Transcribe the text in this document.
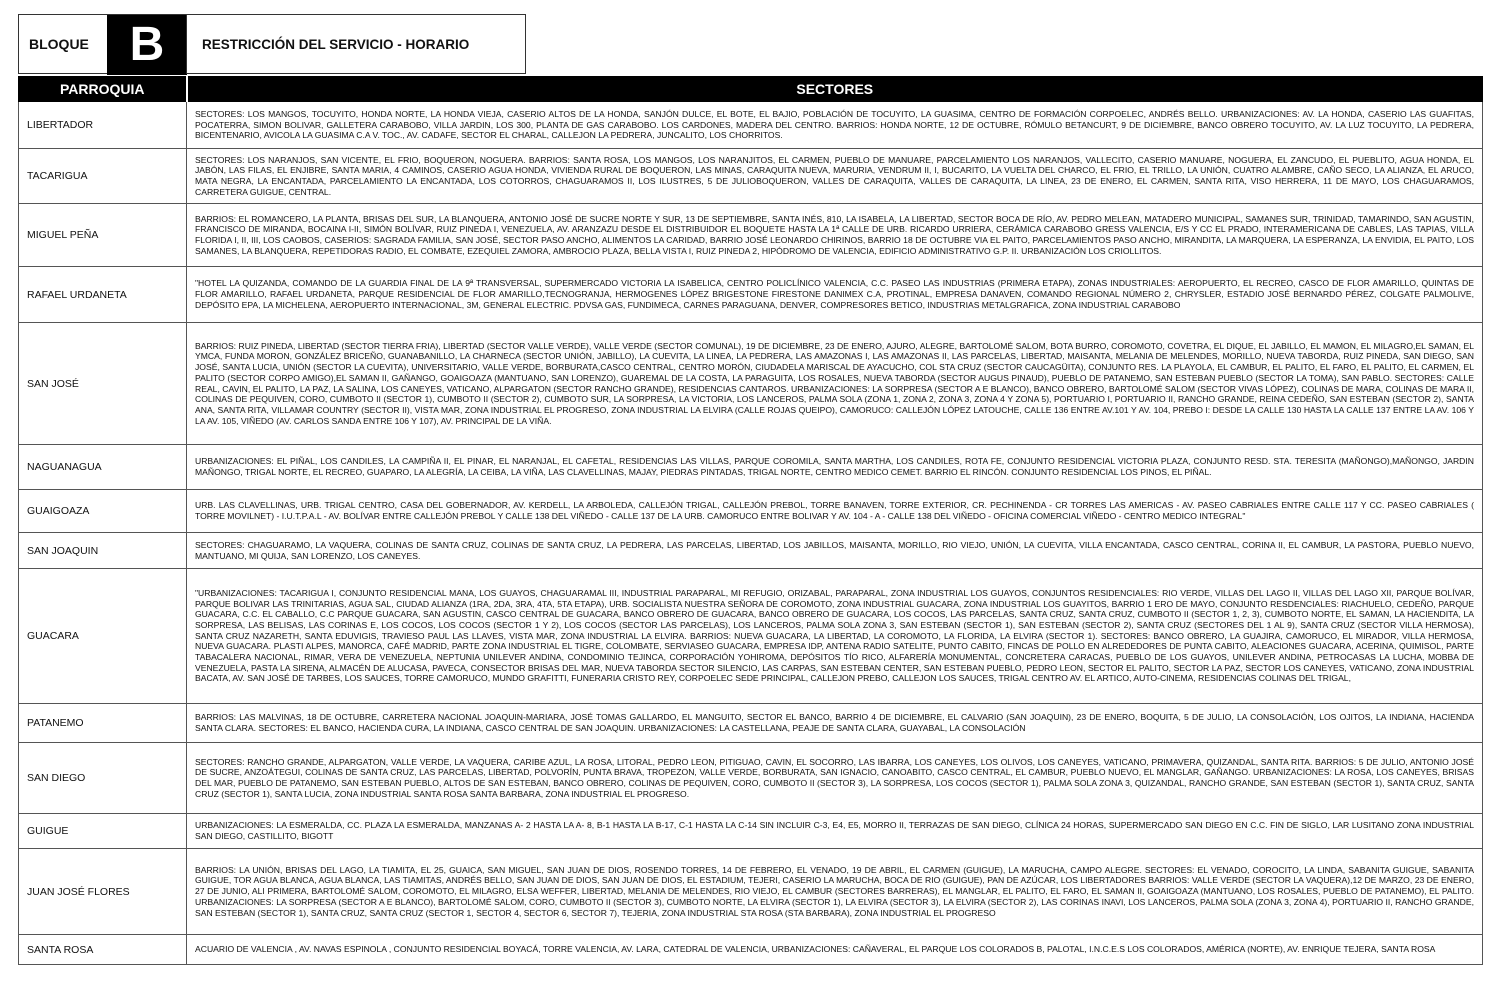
BLOQUE B	RESTRICCIÓN DEL SERVICIO - HORARIO
PARROQUIA	SECTORES
LIBERTADOR	SECTORES: LOS MANGOS, TOCUYITO, HONDA NORTE, LA HONDA VIEJA, CASERIO ALTOS DE LA HONDA, SANJÓN DULCE, EL BOTE, EL BAJIO, POBLACIÓN DE TOCUYITO, LA GUASIMA, CENTRO DE FORMACIÓN CORPOELEC, ANDRÉS BELLO. URBANIZACIONES: AV. LA HONDA, CASERIO LAS GUAFITAS, POCATERRA, SIMON BOLIVAR, GALLETERA CARABOBO, VILLA JARDIN, LOS 300, PLANTA DE GAS CARABOBO. LOS CARDONES, MADERA DEL CENTRO. BARRIOS: HONDA NORTE, 12 DE OCTUBRE, RÓMULO BETANCURT, 9 DE DICIEMBRE, BANCO OBRERO TOCUYITO, AV. LA LUZ TOCUYITO, LA PEDRERA, BICENTENARIO, AVICOLA LA GUASIMA C.A V. TOC., AV. CADAFE, SECTOR EL CHARAL, CALLEJON LA PEDRERA, JUNCALITO, LOS CHORRITOS.
TACARIGUA	SECTORES: LOS NARANJOS, SAN VICENTE, EL FRIO, BOQUERON, NOGUERA. BARRIOS: SANTA ROSA, LOS MANGOS, LOS NARANJITOS, EL CARMEN, PUEBLO DE MANUARE, PARCELAMIENTO LOS NARANJOS, VALLECITO, CASERIO MANUARE, NOGUERA, EL ZANCUDO, EL PUEBLITO, AGUA HONDA, EL JABÓN, LAS FILAS, EL ENJIBRE, SANTA MARIA, 4 CAMINOS, CASERIO AGUA HONDA, VIVIENDA RURAL DE BOQUERON, LAS MINAS, CARAQUITA NUEVA, MARURIA, VENDRUM II, I, BUCARITO, LA VUELTA DEL CHARCO, EL FRIO, EL TRILLO, LA UNIÓN, CUATRO ALAMBRE, CAÑO SECO, LA ALIANZA, EL ARUCO, MATA NEGRA, LA ENCANTADA, PARCELAMIENTO LA ENCANTADA, LOS COTORROS, CHAGUARAMOS II, LOS ILUSTRES, 5 DE JULIOBOQUERON, VALLES DE CARAQUITA, VALLES DE CARAQUITA, LA LINEA, 23 DE ENERO, EL CARMEN, SANTA RITA, VISO HERRERA, 11 DE MAYO, LOS CHAGUARAMOS, CARRETERA GUIGUE, CENTRAL.
MIGUEL PEÑA	BARRIOS: EL ROMANCERO, LA PLANTA, BRISAS DEL SUR, LA BLANQUERA, ANTONIO JOSÉ DE SUCRE NORTE Y SUR, 13 DE SEPTIEMBRE, SANTA INÉS, 810, LA ISABELA, LA LIBERTAD, SECTOR BOCA DE RÍO, AV. PEDRO MELEAN, MATADERO MUNICIPAL, SAMANES SUR, TRINIDAD, TAMARINDO, SAN AGUSTIN, FRANCISCO DE MIRANDA, BOCAINA I-II, SIMÓN BOLÍVAR, RUIZ PINEDA I, VENEZUELA, AV. ARANZAZU DESDE EL DISTRIBUIDOR EL BOQUETE HASTA LA 1ª CALLE DE URB. RICARDO URRIERA, CERÁMICA CARABOBO GRESS VALENCIA, E/S Y CC EL PRADO, INTERAMERICANA DE CABLES, LAS TAPIAS, VILLA FLORIDA I, II, III, LOS CAOBOS, CASERIOS: SAGRADA FAMILIA, SAN JOSÉ, SECTOR PASO ANCHO, ALIMENTOS LA CARIDAD, BARRIO JOSÉ LEONARDO CHIRINOS, BARRIO 18 DE OCTUBRE VIA EL PAITO, PARCELAMIENTOS PASO ANCHO, MIRANDITA, LA MARQUERA, LA ESPERANZA, LA ENVIDIA, EL PAITO, LOS SAMANES, LA BLANQUERA, REPETIDORAS RADIO, EL COMBATE, EZEQUIEL ZAMORA, AMBROCIO PLAZA, BELLA VISTA I, RUIZ PINEDA 2, HIPÓDROMO DE VALENCIA, EDIFICIO ADMINISTRATIVO G.P. II. URBANIZACIÓN LOS CRIOLLITOS.
RAFAEL URDANETA	"HOTEL LA QUIZANDA, COMANDO DE LA GUARDIA FINAL DE LA 9ª TRANSVERSAL, SUPERMERCADO VICTORIA LA ISABELICA, CENTRO POLICLÍNICO VALENCIA, C.C. PASEO LAS INDUSTRIAS (PRIMERA ETAPA), ZONAS INDUSTRIALES: AEROPUERTO, EL RECREO, CASCO DE FLOR AMARILLO, QUINTAS DE FLOR AMARILLO, RAFAEL URDANETA, PARQUE RESIDENCIAL DE FLOR AMARILLO,TECNOGRANJA, HERMOGENES LÓPEZ BRIGESTONE FIRESTONE DANIMEX C.A, PROTINAL, EMPRESA DANAVEN, COMANDO REGIONAL NÚMERO 2, CHRYSLER, ESTADIO JOSÉ BERNARDO PÉREZ, COLGATE PALMOLIVE, DEPÓSITO EPA, LA MICHELENA, AEROPUERTO INTERNACIONAL, 3M, GENERAL ELECTRIC. PDVSA GAS, FUNDIMECA, CARNES PARAGUANA, DENVER, COMPRESORES BETICO, INDUSTRIAS METALGRAFICA, ZONA INDUSTRIAL CARABOBO
SAN JOSÉ	BARRIOS: RUIZ PINEDA, LIBERTAD (SECTOR TIERRA FRIA), LIBERTAD (SECTOR VALLE VERDE), VALLE VERDE (SECTOR COMUNAL), 19 DE DICIEMBRE, 23 DE ENERO, AJURO, ALEGRE, BARTOLOMÉ SALOM, BOTA BURRO, COROMOTO, COVETRA, EL DIQUE, EL JABILLO, EL MAMON, EL MILAGRO,EL SAMAN, EL YMCA, FUNDA MORON, GONZÁLEZ BRICEÑO, GUANABANILLO, LA CHARNECA (SECTOR UNIÓN, JABILLO), LA CUEVITA, LA LINEA, LA PEDRERA, LAS AMAZONAS I, LAS AMAZONAS II, LAS PARCELAS, LIBERTAD, MAISANTA, MELANIA DE MELENDES, MORILLO, NUEVA TABORDA, RUIZ PINEDA, SAN DIEGO, SAN JOSÉ, SANTA LUCIA, UNIÓN (SECTOR LA CUEVITA), UNIVERSITARIO, VALLE VERDE, BORBURATA,CASCO CENTRAL, CENTRO MORÓN, CIUDADELA MARISCAL DE AYACUCHO, COL STA CRUZ (SECTOR CAUCAGÜITA), CONJUNTO RES. LA PLAYOLA, EL CAMBUR, EL PALITO, EL FARO, EL PALITO, EL CARMEN, EL PALITO (SECTOR CORPO AMIGO),EL SAMAN II, GAÑANGO, GOAIGOAZA (MANTUANO, SAN LORENZO), GUAREMAL DE LA COSTA, LA PARAGUITA, LOS ROSALES, NUEVA TABORDA (SECTOR AUGUS PINAUD), PUEBLO DE PATANEMO, SAN ESTEBAN PUEBLO (SECTOR LA TOMA), SAN PABLO. SECTORES: CALLE REAL, CAVIN, EL PALITO, LA PAZ, LA SALINA, LOS CANEYES, VATICANO, ALPARGATON (SECTOR RANCHO GRANDE), RESIDENCIAS CANTAROS. URBANIZACIONES: LA SORPRESA (SECTOR A E BLANCO), BANCO OBRERO, BARTOLOMÉ SALOM (SECTOR VIVAS LÓPEZ), COLINAS DE MARA, COLINAS DE MARA II, COLINAS DE PEQUIVEN, CORO, CUMBOTO II (SECTOR 1), CUMBOTO II (SECTOR 2), CUMBOTO SUR, LA SORPRESA, LA VICTORIA, LOS LANCEROS, PALMA SOLA (ZONA 1, ZONA 2, ZONA 3, ZONA 4 Y ZONA 5), PORTUARIO I, PORTUARIO II, RANCHO GRANDE, REINA CEDEÑO, SAN ESTEBAN (SECTOR 2), SANTA ANA, SANTA RITA, VILLAMAR COUNTRY (SECTOR II), VISTA MAR, ZONA INDUSTRIAL EL PROGRESO, ZONA INDUSTRIAL LA ELVIRA (CALLE ROJAS QUEIPO), CAMORUCO: CALLEJÓN LÓPEZ LATOUCHE, CALLE 136 ENTRE AV.101 Y AV. 104, PREBO I: DESDE LA CALLE 130 HASTA LA CALLE 137 ENTRE LA AV. 106 Y LA AV. 105, VIÑEDO (AV. CARLOS SANDA ENTRE 106 Y 107), AV. PRINCIPAL DE LA VIÑA.
NAGUANAGUA	URBANIZACIONES: EL PIÑAL, LOS CANDILES, LA CAMPIÑA II, EL PINAR, EL NARANJAL, EL CAFETAL, RESIDENCIAS LAS VILLAS, PARQUE COROMILA, SANTA MARTHA, LOS CANDILES, ROTA FE, CONJUNTO RESIDENCIAL VICTORIA PLAZA, CONJUNTO RESD. STA. TERESITA (MAÑONGO),MAÑONGO, JARDIN MAÑONGO, TRIGAL NORTE, EL RECREO, GUAPARO, LA ALEGRÍA, LA CEIBA, LA VIÑA, LAS CLAVELLINAS, MAJAY, PIEDRAS PINTADAS, TRIGAL NORTE, CENTRO MEDICO CEMET. BARRIO EL RINCÓN. CONJUNTO RESIDENCIAL LOS PINOS, EL PIÑAL.
GUAIGOAZA	URB. LAS CLAVELLINAS, URB. TRIGAL CENTRO, CASA DEL GOBERNADOR, AV. KERDELL, LA ARBOLEDA, CALLEJÓN TRIGAL, CALLEJÓN PREBOL, TORRE BANAVEN, TORRE EXTERIOR, CR. PECHINENDA - CR TORRES LAS AMERICAS - AV. PASEO CABRIALES ENTRE CALLE 117 Y CC. PASEO CABRIALES ( TORRE MOVILNET) - I.U.T.P.A.L - AV. BOLÍVAR ENTRE CALLEJÓN PREBOL Y CALLE 138 DEL VIÑEDO - CALLE 137 DE LA URB. CAMORUCO ENTRE BOLIVAR Y AV. 104 - A - CALLE 138 DEL VIÑEDO - OFICINA COMERCIAL VIÑEDO - CENTRO MEDICO INTEGRAL"
SAN JOAQUIN	SECTORES: CHAGUARAMO, LA VAQUERA, COLINAS DE SANTA CRUZ, COLINAS DE SANTA CRUZ, LA PEDRERA, LAS PARCELAS, LIBERTAD, LOS JABILLOS, MAISANTA, MORILLO, RIO VIEJO, UNIÓN, LA CUEVITA, VILLA ENCANTADA, CASCO CENTRAL, CORINA II, EL CAMBUR, LA PASTORA, PUEBLO NUEVO, MANTUANO, MI QUIJA, SAN LORENZO, LOS CANEYES.
GUACARA	"URBANIZACIONES: TACARIGUA I, CONJUNTO RESIDENCIAL MANA, LOS GUAYOS, CHAGUARAMAL III, INDUSTRIAL PARAPARAL, MI REFUGIO, ORIZABAL, PARAPARAL, ZONA INDUSTRIAL LOS GUAYOS, CONJUNTOS RESIDENCIALES: RIO VERDE, VILLAS DEL LAGO II, VILLAS DEL LAGO XII, PARQUE BOLÍVAR, PARQUE BOLIVAR LAS TRINITARIAS, AGUA SAL, CIUDAD ALIANZA (1RA, 2DA, 3RA, 4TA, 5TA ETAPA), URB. SOCIALISTA NUESTRA SEÑORA DE COROMOTO, ZONA INDUSTRIAL GUACARA, ZONA INDUSTRIAL LOS GUAYITOS, BARRIO 1 ERO DE MAYO, CONJUNTO RESDENCIALES: RIACHUELO, CEDEÑO, PARQUE GUACARA, C.C. EL CABALLO, C.C PARQUE GUACARA, SAN AGUSTIN, CASCO CENTRAL DE GUACARA, BANCO OBRERO DE GUACARA, BANCO OBRERO DE GUACARA, LOS COCOS, LAS PARCELAS, SANTA CRUZ, SANTA CRUZ, CUMBOTO II (SECTOR 1, 2, 3), CUMBOTO NORTE, EL SAMAN, LA HACIENDITA, LA SORPRESA, LAS BELISAS, LAS CORINAS E, LOS COCOS, LOS COCOS (SECTOR 1 Y 2), LOS COCOS (SECTOR LAS PARCELAS), LOS LANCEROS, PALMA SOLA ZONA 3, SAN ESTEBAN (SECTOR 1), SAN ESTEBAN (SECTOR 2), SANTA CRUZ (SECTORES DEL 1 AL 9), SANTA CRUZ (SECTOR VILLA HERMOSA), SANTA CRUZ NAZARETH, SANTA EDUVIGIS, TRAVIESO PAUL LAS LLAVES, VISTA MAR, ZONA INDUSTRIAL LA ELVIRA. BARRIOS: NUEVA GUACARA, LA LIBERTAD, LA COROMOTO, LA FLORIDA, LA ELVIRA (SECTOR 1). SECTORES: BANCO OBRERO, LA GUAJIRA, CAMORUCO, EL MIRADOR, VILLA HERMOSA, NUEVA GUACARA. PLASTI ALPES, MANORCA, CAFÉ MADRID, PARTE ZONA INDUSTRIAL EL TIGRE, COLOMBATE, SERVIASEO GUACARA, EMPRESA IDP, ANTENA RADIO SATELITE, PUNTO CABITO, FINCAS DE POLLO EN ALREDEDORES DE PUNTA CABITO, ALEACIONES GUACARA, ACERINA, QUIMISOL, PARTE TABACALERA NACIONAL, RIMAR, VERA DE VENEZUELA, NEPTUNIA UNILEVER ANDINA, CONDOMINIO TEJINCA, CORPORACIÓN YOHIROMA, DEPÓSITOS TÍO RICO, ALFARERÍA MONUMENTAL, CONCRETERA CARACAS, PUEBLO DE LOS GUAYOS, UNILEVER ANDINA, PETROCASAS LA LUCHA, MOBBA DE VENEZUELA, PASTA LA SIRENA, ALMACÉN DE ALUCASA, PAVECA, CONSECTOR BRISAS DEL MAR, NUEVA TABORDA SECTOR SILENCIO, LAS CARPAS, SAN ESTEBAN CENTER, SAN ESTEBAN PUEBLO, PEDRO LEON, SECTOR EL PALITO, SECTOR LA PAZ, SECTOR LOS CANEYES, VATICANO, ZONA INDUSTRIAL BACATA, AV. SAN JOSÉ DE TARBES, LOS SAUCES, TORRE CAMORUCO, MUNDO GRAFITTI, FUNERARIA CRISTO REY, CORPOELEC SEDE PRINCIPAL, CALLEJON PREBO, CALLEJON LOS SAUCES, TRIGAL CENTRO AV. EL ARTICO, AUTO-CINEMA, RESIDENCIAS COLINAS DEL TRIGAL,
PATANEMO	BARRIOS: LAS MALVINAS, 18 DE OCTUBRE, CARRETERA NACIONAL JOAQUIN-MARIARA, JOSÉ TOMAS GALLARDO, EL MANGUITO, SECTOR EL BANCO, BARRIO 4 DE DICIEMBRE, EL CALVARIO (SAN JOAQUIN), 23 DE ENERO, BOQUITA, 5 DE JULIO, LA CONSOLACIÓN, LOS OJITOS, LA INDIANA, HACIENDA SANTA CLARA. SECTORES: EL BANCO, HACIENDA CURA, LA INDIANA, CASCO CENTRAL DE SAN JOAQUIN. URBANIZACIONES: LA CASTELLANA, PEAJE DE SANTA CLARA, GUAYABAL, LA CONSOLACIÓN
SAN DIEGO	SECTORES: RANCHO GRANDE, ALPARGATON, VALLE VERDE, LA VAQUERA, CARIBE AZUL, LA ROSA, LITORAL, PEDRO LEON, PITIGUAO, CAVIN, EL SOCORRO, LAS IBARRA, LOS CANEYES, LOS OLIVOS, LOS CANEYES, VATICANO, PRIMAVERA, QUIZANDAL, SANTA RITA. BARRIOS: 5 DE JULIO, ANTONIO JOSÉ DE SUCRE, ANZOÁTEGUI, COLINAS DE SANTA CRUZ, LAS PARCELAS, LIBERTAD, POLVORÍN, PUNTA BRAVA, TROPEZON, VALLE VERDE, BORBURATA, SAN IGNACIO, CANOABITO, CASCO CENTRAL, EL CAMBUR, PUEBLO NUEVO, EL MANGLAR, GAÑANGO. URBANIZACIONES: LA ROSA, LOS CANEYES, BRISAS DEL MAR, PUEBLO DE PATANEMO, SAN ESTEBAN PUEBLO, ALTOS DE SAN ESTEBAN, BANCO OBRERO, COLINAS DE PEQUIVEN, CORO, CUMBOTO II (SECTOR 3), LA SORPRESA, LOS COCOS (SECTOR 1), PALMA SOLA ZONA 3, QUIZANDAL, RANCHO GRANDE, SAN ESTEBAN (SECTOR 1), SANTA CRUZ, SANTA CRUZ (SECTOR 1), SANTA LUCIA, ZONA INDUSTRIAL SANTA ROSA SANTA BARBARA, ZONA INDUSTRIAL EL PROGRESO.
GUIGUE	URBANIZACIONES: LA ESMERALDA, CC. PLAZA LA ESMERALDA, MANZANAS A- 2 HASTA LA A- 8, B-1 HASTA LA B-17, C-1 HASTA LA C-14 SIN INCLUIR C-3, E4, E5, MORRO II, TERRAZAS DE SAN DIEGO, CLÍNICA 24 HORAS, SUPERMERCADO SAN DIEGO EN C.C. FIN DE SIGLO, LAR LUSITANO ZONA INDUSTRIAL SAN DIEGO, CASTILLITO, BIGOTT
JUAN JOSÉ FLORES	BARRIOS: LA UNIÓN, BRISAS DEL LAGO, LA TIAMITA, EL 25, GUAICA, SAN MIGUEL, SAN JUAN DE DIOS, ROSENDO TORRES, 14 DE FEBRERO, EL VENADO, 19 DE ABRIL, EL CARMEN (GUIGUE), LA MARUCHA, CAMPO ALEGRE. SECTORES: EL VENADO, COROCITO, LA LINDA, SABANITA GUIGUE, SABANITA GUIGUE, TOR AGUA BLANCA, AGUA BLANCA, LAS TIAMITAS, ANDRÉS BELLO, SAN JUAN DE DIOS, SAN JUAN DE DIOS, EL ESTADIUM, TEJERI, CASERIO LA MARUCHA, BOCA DE RIO (GUIGUE), PAN DE AZÚCAR, LOS LIBERTADORES BARRIOS: VALLE VERDE (SECTOR LA VAQUERA),12 DE MARZO, 23 DE ENERO, 27 DE JUNIO, ALI PRIMERA, BARTOLOMÉ SALOM, COROMOTO, EL MILAGRO, ELSA WEFFER, LIBERTAD, MELANIA DE MELENDES, RIO VIEJO, EL CAMBUR (SECTORES BARRERAS), EL MANGLAR, EL PALITO, EL FARO, EL SAMAN II, GOAIGOAZA (MANTUANO, LOS ROSALES, PUEBLO DE PATANEMO), EL PALITO. URBANIZACIONES: LA SORPRESA (SECTOR A E BLANCO), BARTOLOMÉ SALOM, CORO, CUMBOTO II (SECTOR 3), CUMBOTO NORTE, LA ELVIRA (SECTOR 1), LA ELVIRA (SECTOR 3), LA ELVIRA (SECTOR 2), LAS CORINAS INAVI, LOS LANCEROS, PALMA SOLA (ZONA 3, ZONA 4), PORTUARIO II, RANCHO GRANDE, SAN ESTEBAN (SECTOR 1), SANTA CRUZ, SANTA CRUZ (SECTOR 1, SECTOR 4, SECTOR 6, SECTOR 7), TEJERIA, ZONA INDUSTRIAL STA ROSA (STA BARBARA), ZONA INDUSTRIAL EL PROGRESO
SANTA ROSA	ACUARIO DE VALENCIA , AV. NAVAS ESPINOLA , CONJUNTO RESIDENCIAL BOYACÁ, TORRE VALENCIA, AV. LARA, CATEDRAL DE VALENCIA, URBANIZACIONES: CAÑAVERAL, EL PARQUE LOS COLORADOS B, PALOTAL, I.N.C.E.S LOS COLORADOS, AMÉRICA (NORTE), AV. ENRIQUE TEJERA, SANTA ROSA
